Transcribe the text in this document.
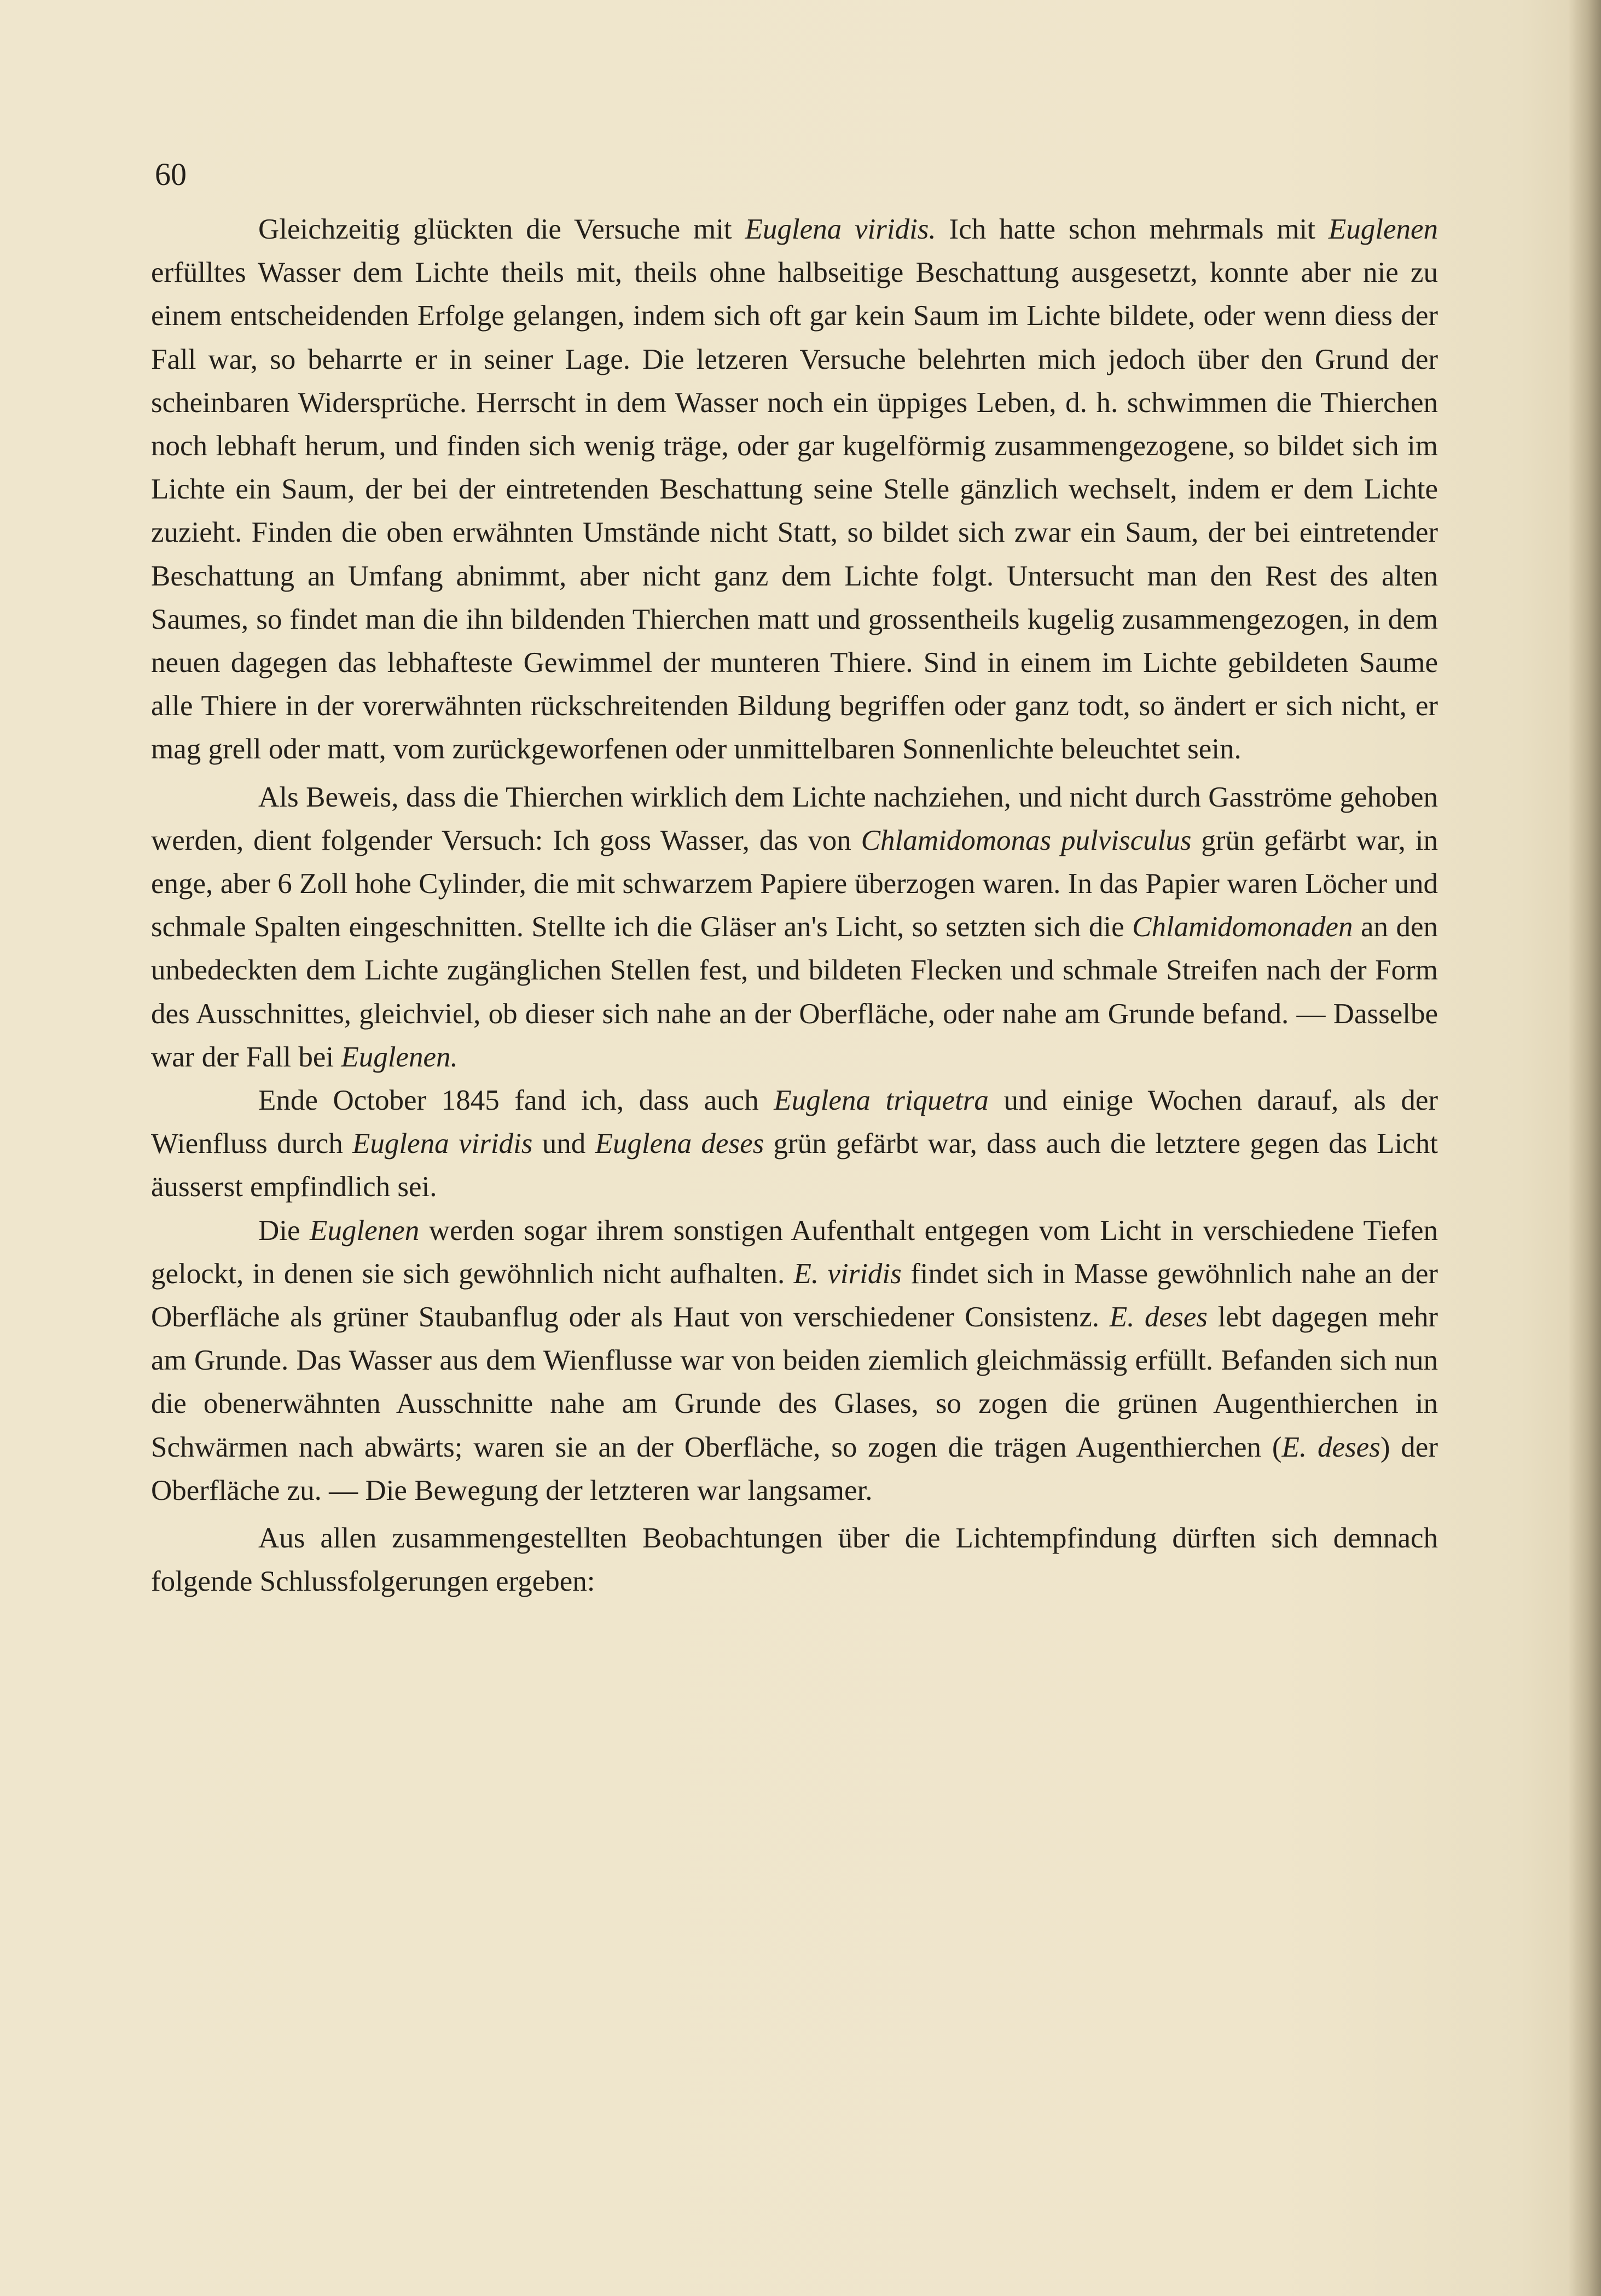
60

Gleichzeitig glückten die Versuche mit Euglena viridis. Ich hatte schon mehrmals mit Euglenen erfülltes Wasser dem Lichte theils mit, theils ohne halbseitige Beschattung ausgesetzt, konnte aber nie zu einem entscheidenden Erfolge gelangen, indem sich oft gar kein Saum im Lichte bildete, oder wenn diess der Fall war, so beharrte er in seiner Lage. Die letzeren Versuche belehrten mich jedoch über den Grund der scheinbaren Widersprüche. Herrscht in dem Wasser noch ein üppiges Leben, d. h. schwimmen die Thierchen noch lebhaft herum, und finden sich wenig träge, oder gar kugelförmig zusammengezogene, so bildet sich im Lichte ein Saum, der bei der eintretenden Beschattung seine Stelle gänzlich wechselt, indem er dem Lichte zuzieht. Finden die oben erwähnten Umstände nicht Statt, so bildet sich zwar ein Saum, der bei eintretender Beschattung an Umfang abnimmt, aber nicht ganz dem Lichte folgt. Untersucht man den Rest des alten Saumes, so findet man die ihn bildenden Thierchen matt und grossentheils kugelig zusammengezogen, in dem neuen dagegen das lebhafteste Gewimmel der munteren Thiere. Sind in einem im Lichte gebildeten Saume alle Thiere in der vorerwähnten rückschreitenden Bildung begriffen oder ganz todt, so ändert er sich nicht, er mag grell oder matt, vom zurückgeworfenen oder unmittelbaren Sonnenlichte beleuchtet sein.

Als Beweis, dass die Thierchen wirklich dem Lichte nachziehen, und nicht durch Gasströme gehoben werden, dient folgender Versuch: Ich goss Wasser, das von Chlamidomonas pulvisculus grün gefärbt war, in enge, aber 6 Zoll hohe Cylinder, die mit schwarzem Papiere überzogen waren. In das Papier waren Löcher und schmale Spalten eingeschnitten. Stellte ich die Gläser an's Licht, so setzten sich die Chlamidomonaden an den unbedeckten dem Lichte zugänglichen Stellen fest, und bildeten Flecken und schmale Streifen nach der Form des Ausschnittes, gleichviel, ob dieser sich nahe an der Oberfläche, oder nahe am Grunde befand. — Dasselbe war der Fall bei Euglenen.

Ende October 1845 fand ich, dass auch Euglena triquetra und einige Wochen darauf, als der Wienfluss durch Euglena viridis und Euglena deses grün gefärbt war, dass auch die letztere gegen das Licht äusserst empfindlich sei.

Die Euglenen werden sogar ihrem sonstigen Aufenthalt entgegen vom Licht in verschiedene Tiefen gelockt, in denen sie sich gewöhnlich nicht aufhalten. E. viridis findet sich in Masse gewöhnlich nahe an der Oberfläche als grüner Staubanflug oder als Haut von verschiedener Consistenz. E. deses lebt dagegen mehr am Grunde. Das Wasser aus dem Wienflusse war von beiden ziemlich gleichmässig erfüllt. Befanden sich nun die obenerwähnten Ausschnitte nahe am Grunde des Glases, so zogen die grünen Augenthierchen in Schwärmen nach abwärts; waren sie an der Oberfläche, so zogen die trägen Augenthierchen (E. deses) der Oberfläche zu. — Die Bewegung der letzteren war langsamer.

Aus allen zusammengestellten Beobachtungen über die Lichtempfindung dürften sich demnach folgende Schlussfolgerungen ergeben:
